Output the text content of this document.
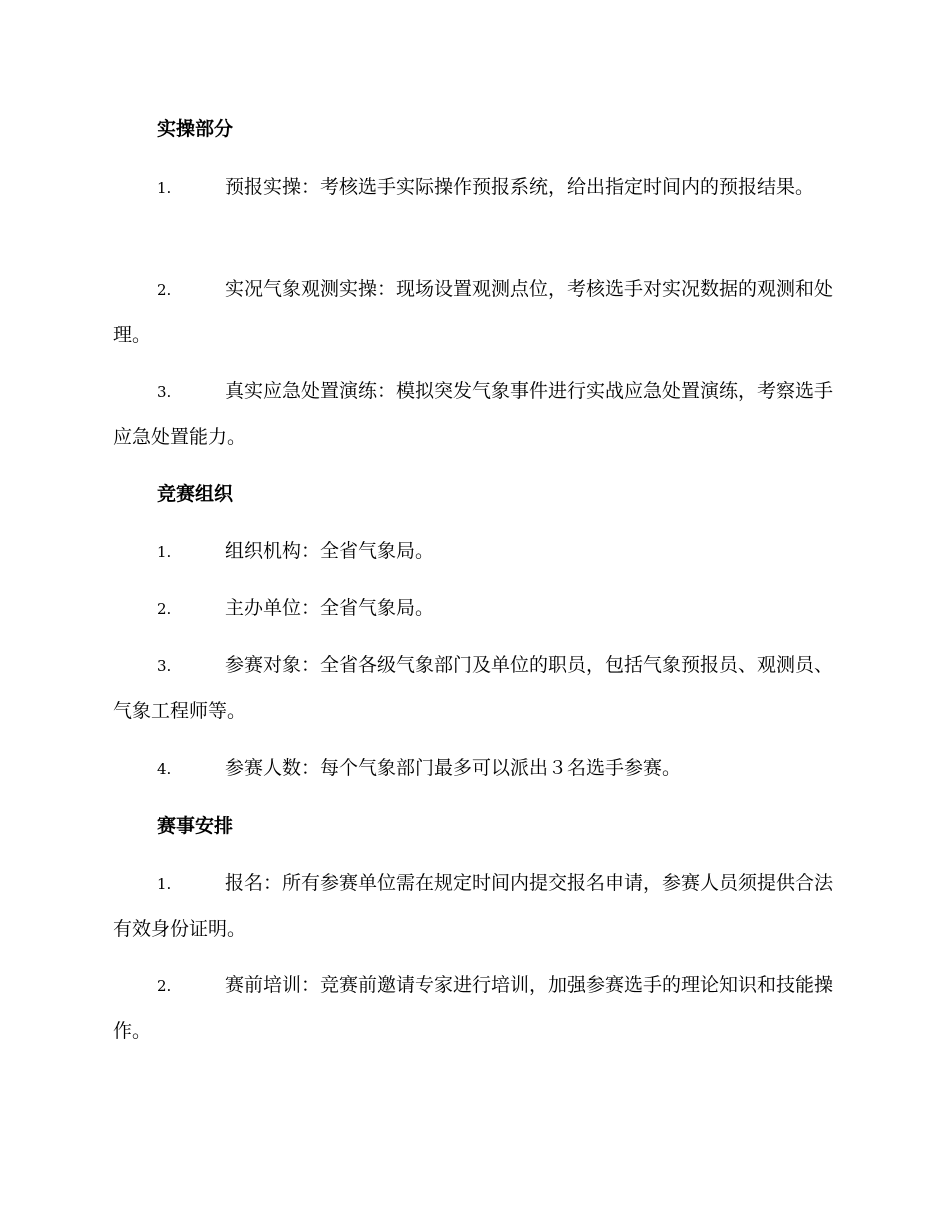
实操部分
1.	预报实操：考核选手实际操作预报系统，给出指定时间内的预报结果。
2.	实况气象观测实操：现场设置观测点位，考核选手对实况数据的观测和处理。
3.	真实应急处置演练：模拟突发气象事件进行实战应急处置演练，考察选手应急处置能力。
竞赛组织
1.	组织机构：全省气象局。
2.	主办单位：全省气象局。
3.	参赛对象：全省各级气象部门及单位的职员，包括气象预报员、观测员、气象工程师等。
4.	参赛人数：每个气象部门最多可以派出３名选手参赛。
赛事安排
1.	报名：所有参赛单位需在规定时间内提交报名申请，参赛人员须提供合法有效身份证明。
2.	赛前培训：竞赛前邀请专家进行培训，加强参赛选手的理论知识和技能操作。
